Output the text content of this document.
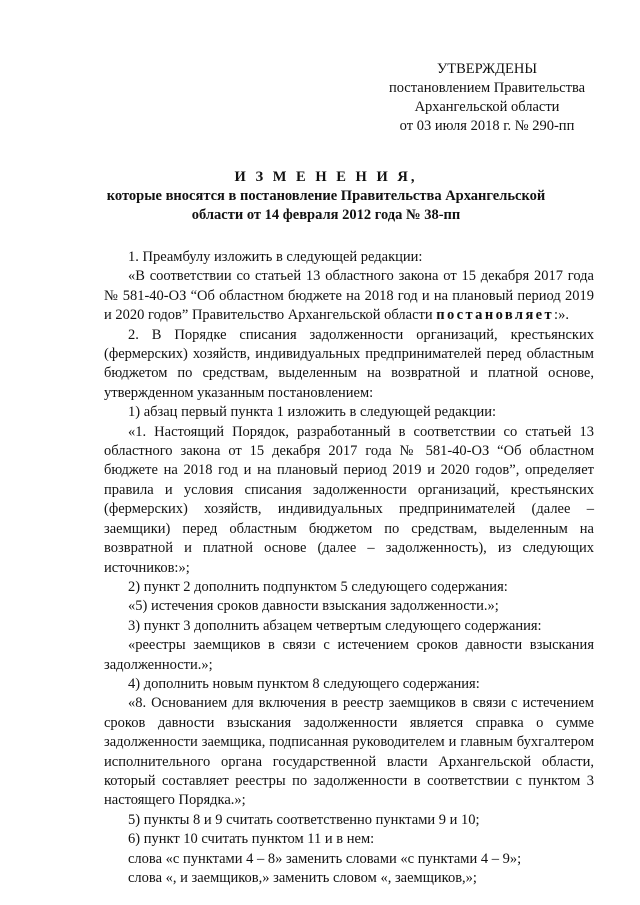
УТВЕРЖДЕНЫ
постановлением Правительства
Архангельской области
от 03 июля 2018 г. № 290-пп
И З М Е Н Е Н И Я,
которые вносятся в постановление Правительства Архангельской
области от 14 февраля 2012 года № 38-пп

1. Преамбулу изложить в следующей редакции:

«В соответствии со статьей 13 областного закона от 15 декабря 2017 года № 581-40-ОЗ “Об областном бюджете на 2018 год и на плановый период 2019 и 2020 годов” Правительство Архангельской области постановляет:».

2. В Порядке списания задолженности организаций, крестьянских (фермерских) хозяйств, индивидуальных предпринимателей перед областным бюджетом по средствам, выделенным на возвратной и платной основе, утвержденном указанным постановлением:

1) абзац первый пункта 1 изложить в следующей редакции:

«1. Настоящий Порядок, разработанный в соответствии со статьей 13 областного закона от 15 декабря 2017 года № 581-40-ОЗ “Об областном бюджете на 2018 год и на плановый период 2019 и 2020 годов”, определяет правила и условия списания задолженности организаций, крестьянских (фермерских) хозяйств, индивидуальных предпринимателей (далее – заемщики) перед областным бюджетом по средствам, выделенным на возвратной и платной основе (далее – задолженность), из следующих источников:»;

2) пункт 2 дополнить подпунктом 5 следующего содержания:

«5) истечения сроков давности взыскания задолженности.»;

3) пункт 3 дополнить абзацем четвертым следующего содержания:

«реестры заемщиков в связи с истечением сроков давности взыскания задолженности.»;

4) дополнить новым пунктом 8 следующего содержания:

«8. Основанием для включения в реестр заемщиков в связи с истечением сроков давности взыскания задолженности является справка о сумме задолженности заемщика, подписанная руководителем и главным бухгалтером исполнительного органа государственной власти Архангельской области, который составляет реестры по задолженности в соответствии с пунктом 3 настоящего Порядка.»;

5) пункты 8 и 9 считать соответственно пунктами 9 и 10;

6) пункт 10 считать пунктом 11 и в нем:

слова «с пунктами 4 – 8» заменить словами «с пунктами 4 – 9»;

слова «, и заемщиков,» заменить словом «, заемщиков,»;
